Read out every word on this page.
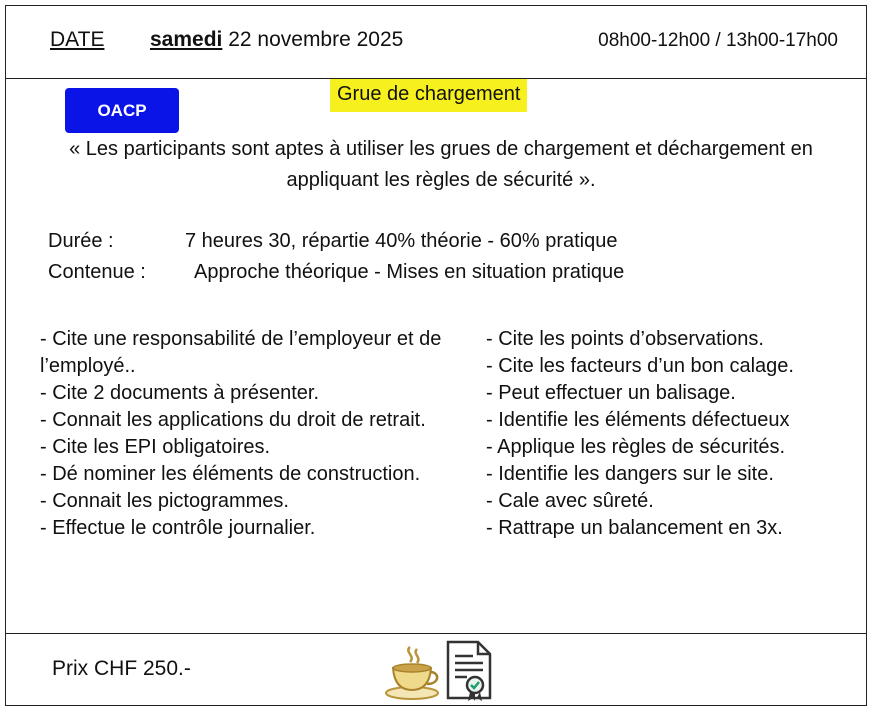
DATE samedi 22 novembre 2025	08h00-12h00 / 13h00-17h00
OACP
Grue de chargement
« Les participants sont aptes à utiliser les grues de chargement et déchargement en appliquant les règles de sécurité ».
Durée :	7 heures 30, répartie 40% théorie - 60% pratique
Contenue : Approche théorique - Mises en situation pratique
- Cite une responsabilité de l’employeur et de l’employé..
- Cite 2 documents à présenter.
- Connait les applications du droit de retrait.
- Cite les EPI obligatoires.
- Dé nominer les éléments de construction.
- Connait les pictogrammes.
- Effectue le contrôle journalier.
- Cite les points d’observations.
- Cite les facteurs d’un bon calage.
- Peut effectuer un balisage.
- Identifie les éléments défectueux
- Applique les règles de sécurités.
- Identifie les dangers sur le site.
- Cale avec sûreté.
- Rattrape un balancement en 3x.
Prix CHF 250.-
